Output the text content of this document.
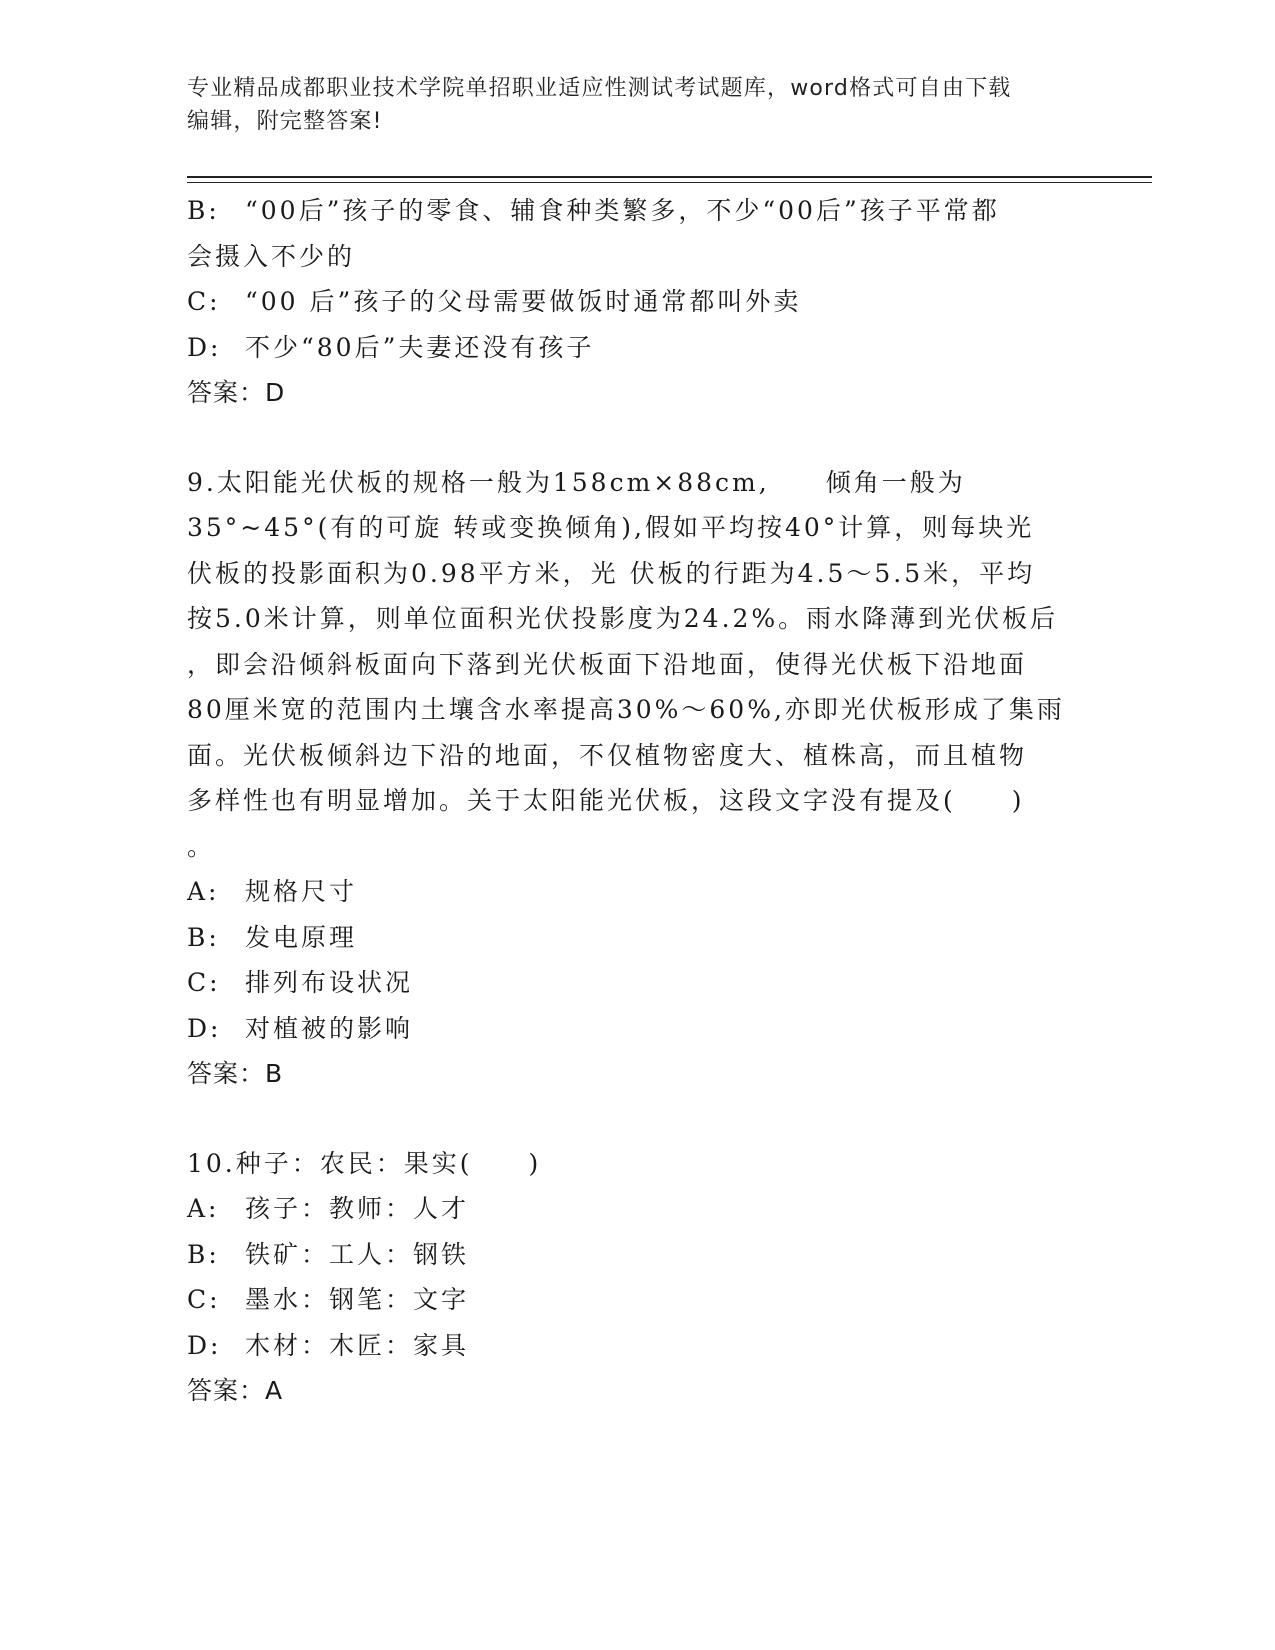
专业精品成都职业技术学院单招职业适应性测试考试题库，word格式可自由下载
编辑，附完整答案!
B: “00后”孩子的零食、辅食种类繁多，不少“00后”孩子平常都
会摄入不少的
C: “00 后”孩子的父母需要做饭时通常都叫外卖
D: 不少“80后”夫妻还没有孩子
答案：D
9.太阳能光伏板的规格一般为158cm×88cm,　　倾角一般为
35°~45°(有的可旋 转或变换倾角),假如平均按40°计算，则每块光
伏板的投影面积为0.98平方米，光 伏板的行距为4.5～5.5米，平均
按5.0米计算，则单位面积光伏投影度为24.2%。雨水降薄到光伏板后
，即会沿倾斜板面向下落到光伏板面下沿地面，使得光伏板下沿地面
80厘米宽的范围内土壤含水率提高30%～60%,亦即光伏板形成了集雨
面。光伏板倾斜边下沿的地面，不仅植物密度大、植株高，而且植物
多样性也有明显增加。关于太阳能光伏板，这段文字没有提及(　　)
。
A: 规格尺寸
B: 发电原理
C: 排列布设状况
D: 对植被的影响
答案：B
10.种子：农民：果实(　　)
A: 孩子：教师：人才
B: 铁矿：工人：钢铁
C: 墨水：钢笔：文字
D: 木材：木匠：家具
答案：A
